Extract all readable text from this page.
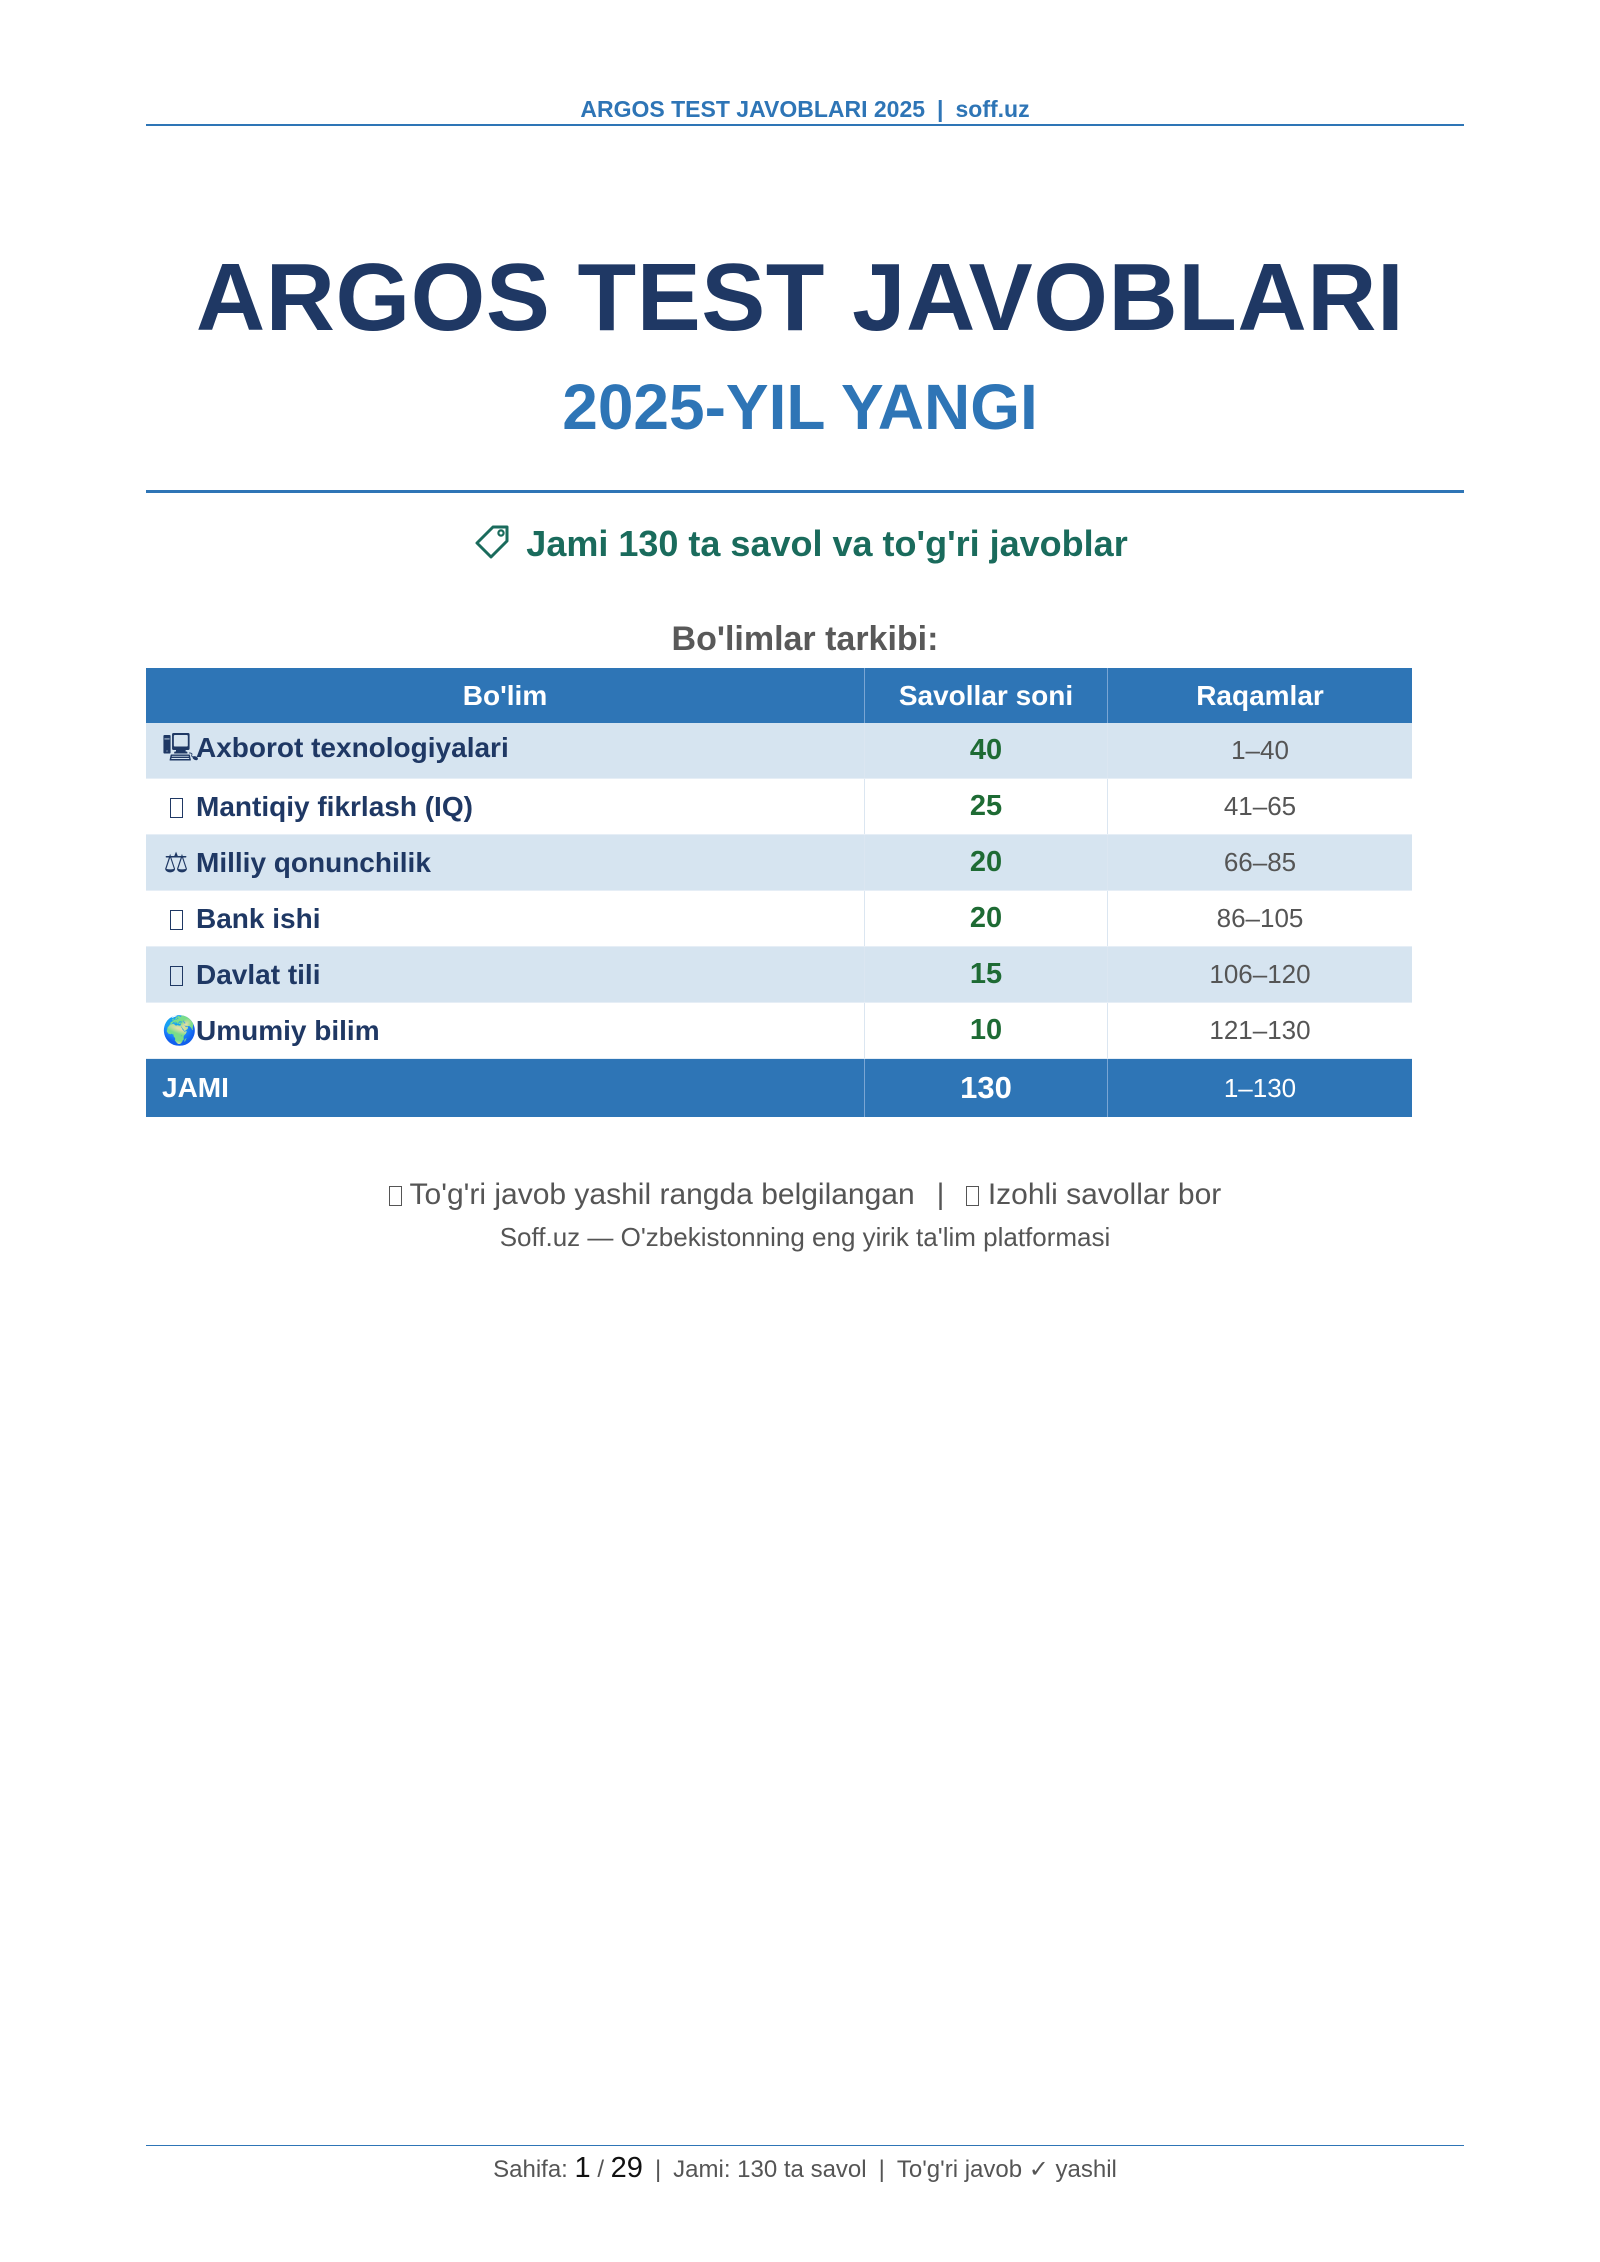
ARGOS TEST JAVOBLARI 2025 | soff.uz
ARGOS TEST JAVOBLARI
2025-YIL YANGI
Jami 130 ta savol va to'g'ri javoblar
Bo'limlar tarkibi:
Bo'lim	Savollar soni	Raqamlar
🖳Axborot texnologiyalari	40	1–40
Mantiqiy fikrlash (IQ)	25	41–65
⚖ Milliy qonunchilik	20	66–85
Bank ishi	20	86–105
Davlat tili	15	106–120
🌍Umumiy bilim	10	121–130
JAMI	130	1–130
To'g'ri javob yashil rangda belgilangan | Izohli savollar bor
Soff.uz — O'zbekistonning eng yirik ta'lim platformasi
Sahifa: 1 / 29 | Jami: 130 ta savol | To'g'ri javob ✓ yashil
